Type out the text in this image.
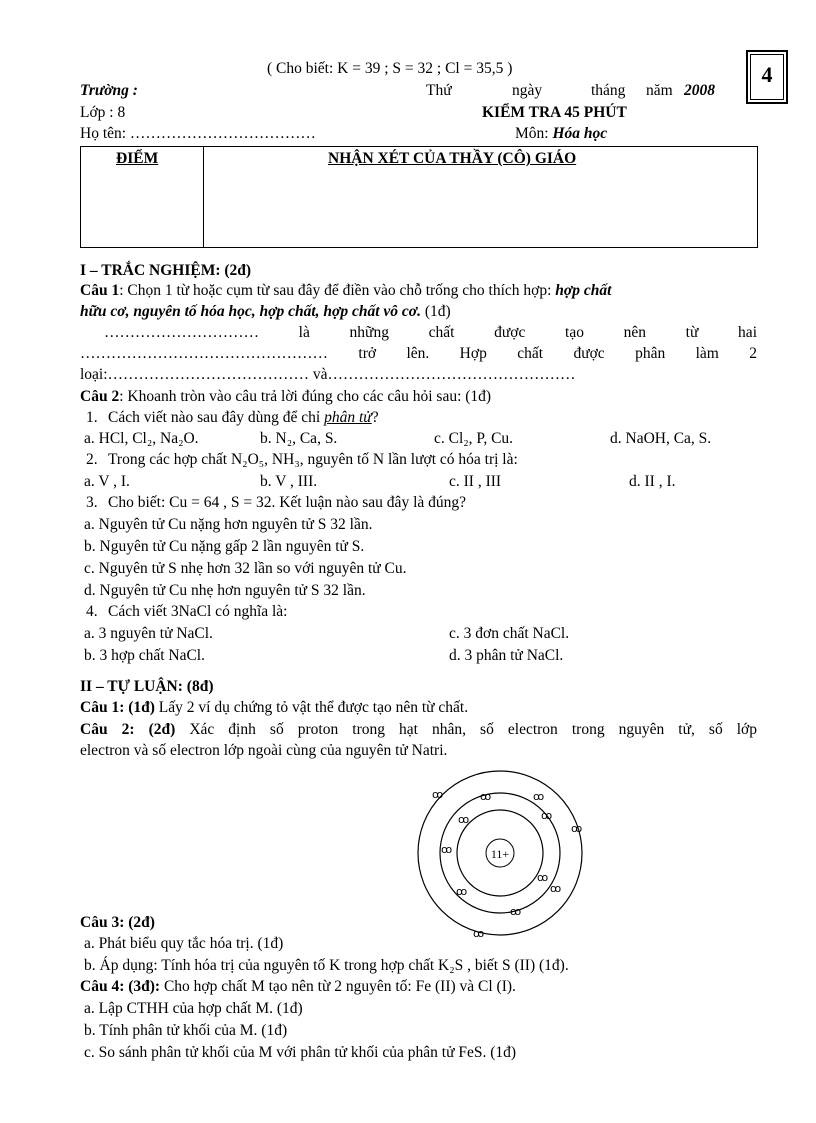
( Cho biết: K = 39 ; S = 32 ; Cl = 35,5 )	4
Trường :	Thứ	ngày	tháng năm 2008
Lớp : 8	KIỂM TRA 45 PHÚT
Họ tên: ………………………………	Môn: Hóa học
ĐIỂM	NHẬN XÉT CỦA THẦY (CÔ) GIÁO
I – TRẮC NGHIỆM: (2đ)
Câu 1: Chọn 1 từ hoặc cụm từ sau đây để điền vào chỗ trống cho thích hợp: hợp chất
hữu cơ, nguyên tố hóa học, hợp chất, hợp chất vô cơ. (1đ)
………………………… là những chất được tạo nên từ hai
………………………………………… trở lên. Hợp chất được phân làm 2
loại:………………………………… và…………………………………………
Câu 2: Khoanh tròn vào câu trả lời đúng cho các câu hỏi sau: (1đ)
1. Cách viết nào sau đây dùng để chỉ phân tử?
a. HCl, Cl₂, Na₂O.	b. N₂, Ca, S.	c. Cl₂, P, Cu.	d. NaOH, Ca, S.
2. Trong các hợp chất N₂O₅, NH₃, nguyên tố N lần lượt có hóa trị là:
a. V , I.	b. V , III.	c. II , III	d. II , I.
3. Cho biết: Cu = 64 , S = 32. Kết luận nào sau đây là đúng?
a. Nguyên tử Cu nặng hơn nguyên tử S 32 lần.
b. Nguyên tử Cu nặng gấp 2 lần nguyên tử S.
c. Nguyên tử S nhẹ hơn 32 lần so với nguyên tử Cu.
d. Nguyên tử Cu nhẹ hơn nguyên tử S 32 lần.
4. Cách viết 3NaCl có nghĩa là:
a. 3 nguyên tử NaCl.	c. 3 đơn chất NaCl.
b. 3 hợp chất NaCl.	d. 3 phân tử NaCl.
II – TỰ LUẬN: (8đ)
Câu 1: (1đ) Lấy 2 ví dụ chứng tỏ vật thể được tạo nên từ chất.
Câu 2: (2đ) Xác định số proton trong hạt nhân, số electron trong nguyên tử, số lớp
electron và số electron lớp ngoài cùng của nguyên tử Natri.
11+
ꝏ	ꝏ	ꝏ
ꝏ	ꝏ
ꝏ
ꝏ
ꝏ
ꝏ	ꝏ
ꝏ
ꝏ
Câu 3: (2đ)
a. Phát biểu quy tắc hóa trị. (1đ)
b. Áp dụng: Tính hóa trị của nguyên tố K trong hợp chất K₂S , biết S (II) (1đ).
Câu 4: (3đ): Cho hợp chất M tạo nên từ 2 nguyên tố: Fe (II) và Cl (I).
a. Lập CTHH của hợp chất M. (1đ)
b. Tính phân tử khối của M. (1đ)
c. So sánh phân tử khối của M với phân tử khối của phân tử FeS. (1đ)
